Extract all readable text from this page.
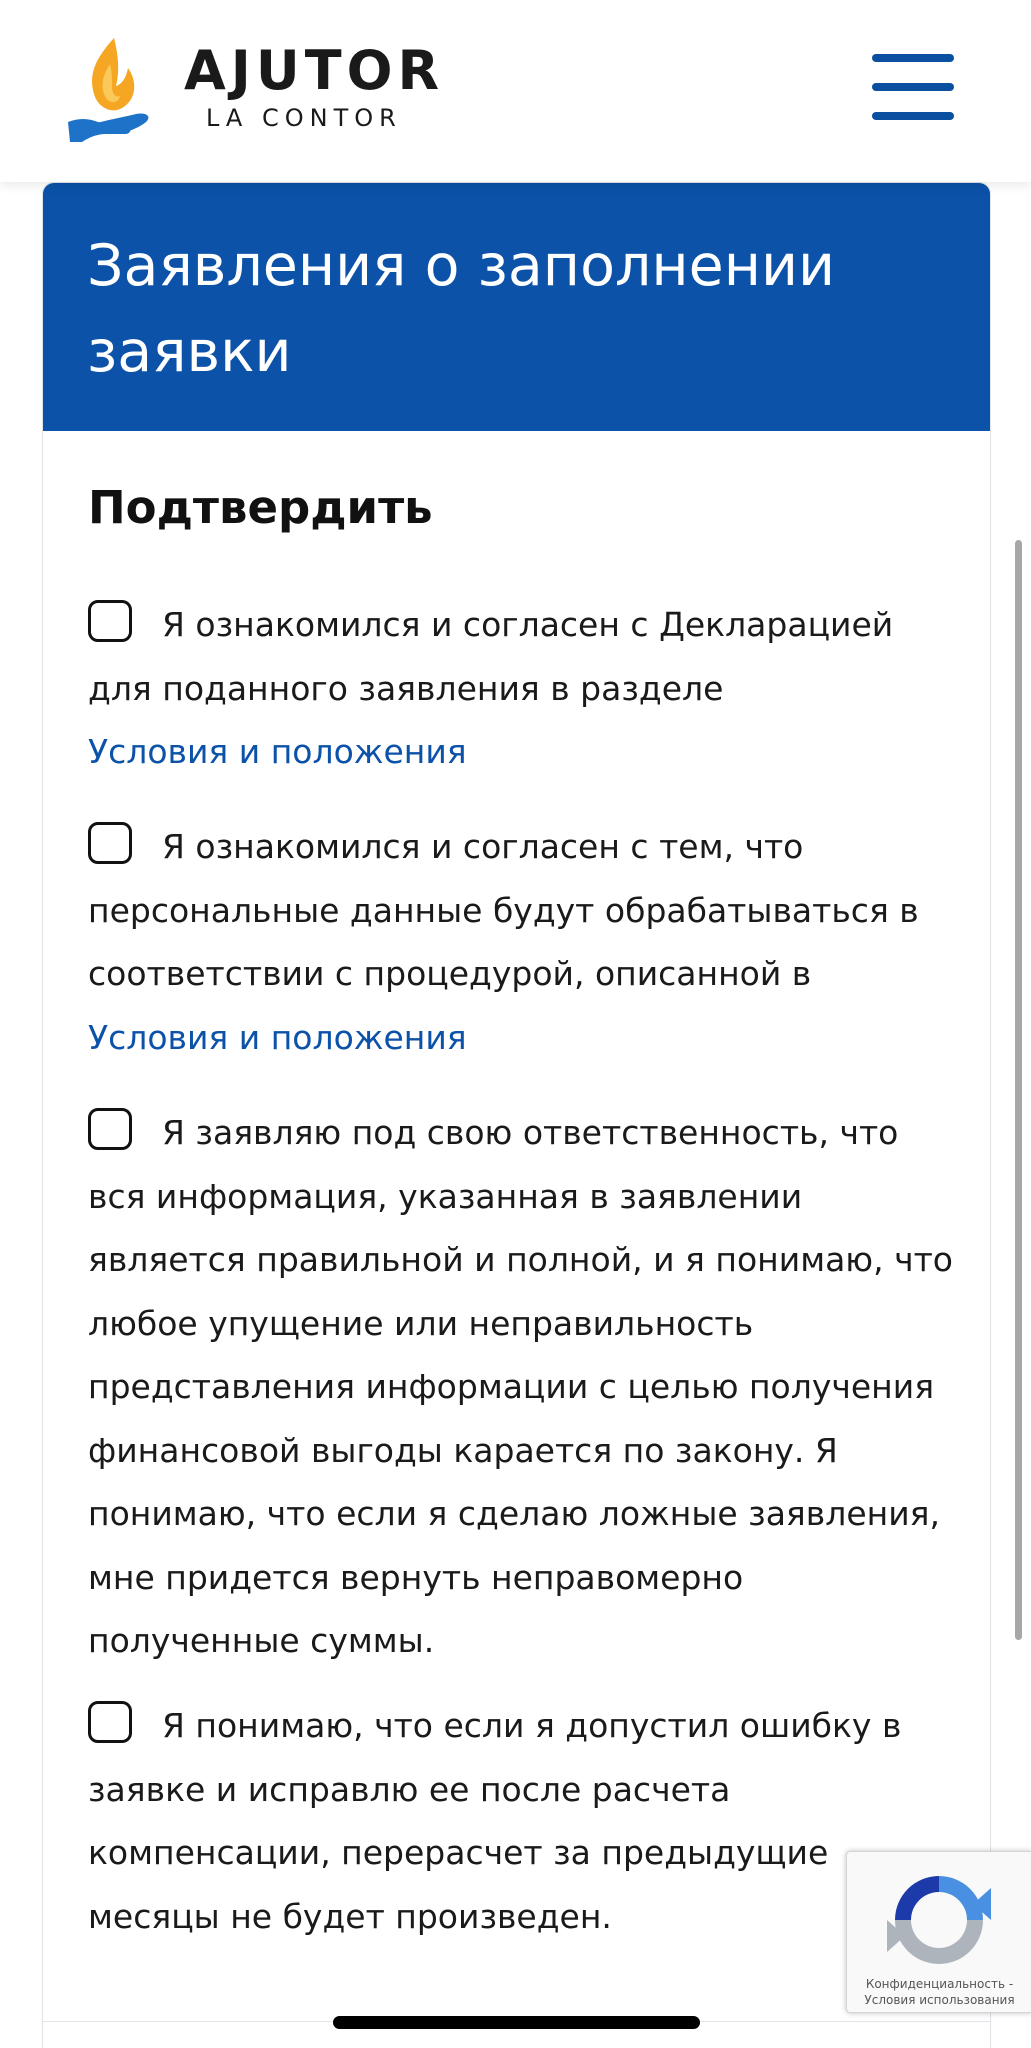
AJUTOR
LA CONTOR
Заявления о заполнении заявки
Подтвердить
Я ознакомился и согласен с Декларацией для поданного заявления в разделе
Условия и положения
Я ознакомился и согласен с тем, что персональные данные будут обрабатываться в соответствии с процедурой, описанной в
Условия и положения
Я заявляю под свою ответственность, что вся информация, указанная в заявлении является правильной и полной, и я понимаю, что любое упущение или неправильность представления информации с целью получения финансовой выгоды карается по закону. Я понимаю, что если я сделаю ложные заявления, мне придется вернуть неправомерно полученные суммы.
Я понимаю, что если я допустил ошибку в заявке и исправлю ее после расчета компенсации, перерасчет за предыдущие месяцы не будет произведен.
Конфиденциальность -
Условия использования
